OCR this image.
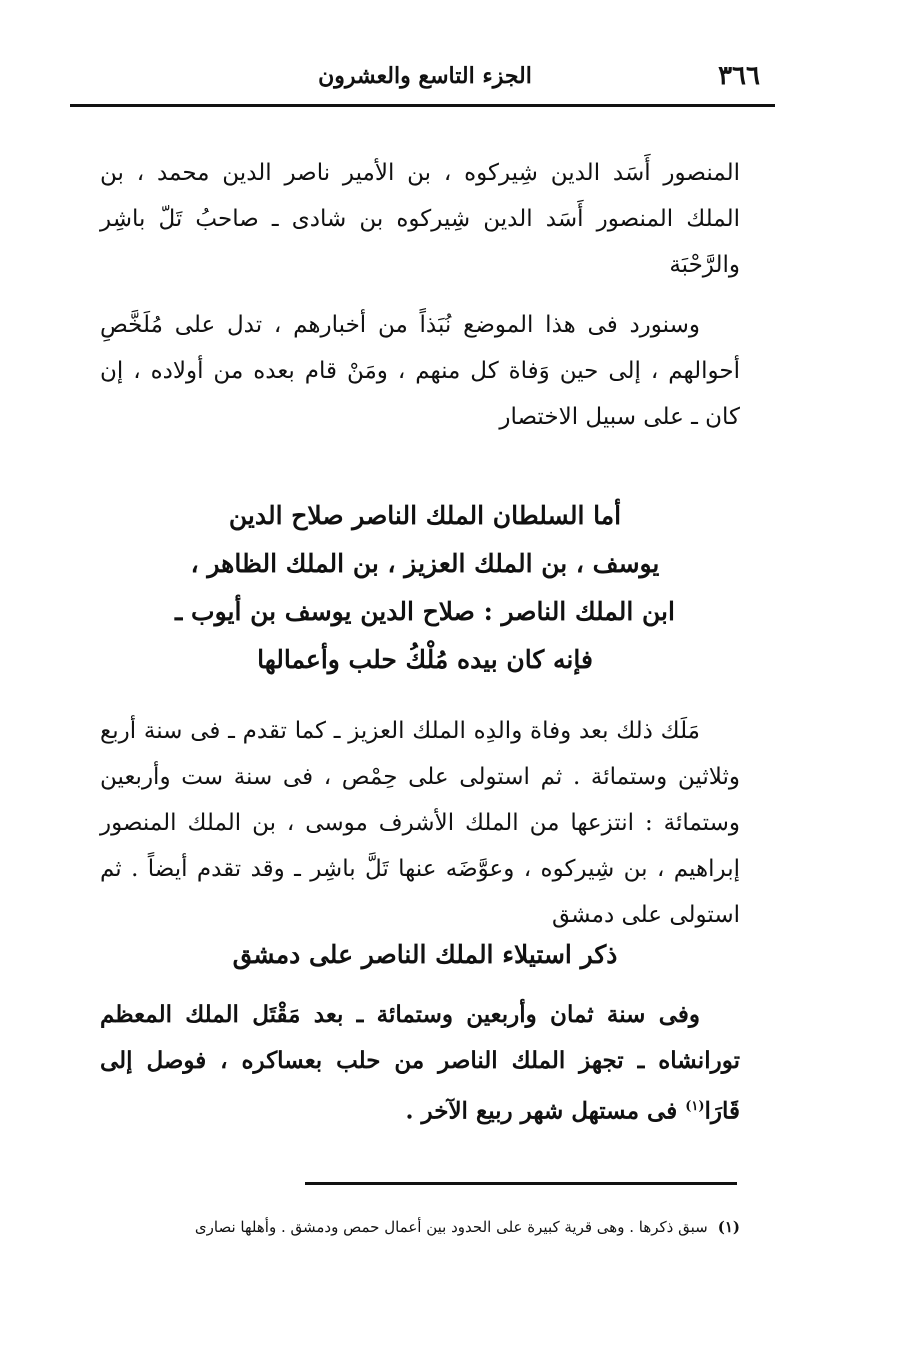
٣٦٦
الجزء التاسع والعشرون

المنصور أَسَد الدين شِيركوه ، بن الأمير ناصر الدين محمد ، بن الملك المنصور أَسَد الدين شِيركوه بن شادى ـ صاحبُ تَلّ باشِر والرَّحْبَة

وسنورد فى هذا الموضع نُبَذاً من أخبارهم ، تدل على مُلَخَّصِ أحوالهم ، إلى حين وَفاة كل منهم ، ومَنْ قام بعده من أولاده ، إن كان ـ على سبيل الاختصار

أما السلطان الملك الناصر صلاح الدين
يوسف ، بن الملك العزيز ، بن الملك الظاهر ،
ابن الملك الناصر : صلاح الدين يوسف بن أيوب ـ
فإنه كان بيده مُلْكُ حلب وأعمالها
مَلَك ذلك بعد وفاة والدِه الملك العزيز ـ كما تقدم ـ فى سنة أربع وثلاثين وستمائة . ثم استولى على حِمْص ، فى سنة ست وأربعين وستمائة : انتزعها من الملك الأشرف موسى ، بن الملك المنصور إبراهيم ، بن شِيركوه ، وعوَّضَه عنها تَلَّ باشِر ـ وقد تقدم أيضاً . ثم استولى على دمشق
ذكر استيلاء الملك الناصر على دمشق
وفى سنة ثمان وأربعين وستمائة ـ بعد مَقْتَل الملك المعظم تورانشاه ـ تجهز الملك الناصر من حلب بعساكره ، فوصل إلى قَارَا$^{(١)}$ فى مستهل شهر ربيع الآخر .
(١)سبق ذكرها . وهى قرية كبيرة على الحدود بين أعمال حمص ودمشق . وأهلها نصارى
